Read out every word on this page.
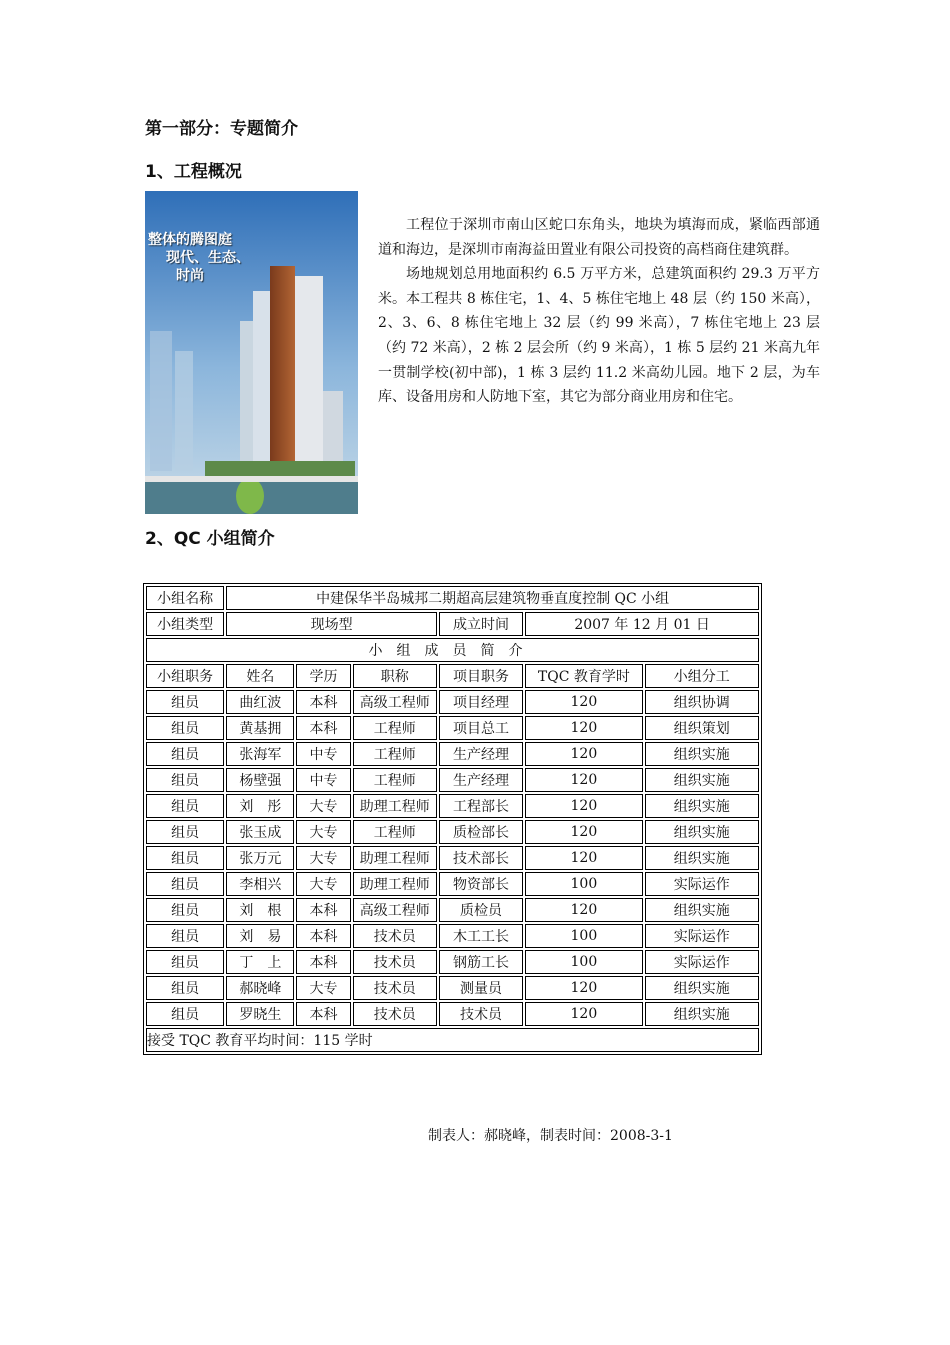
第一部分：专题简介
1、工程概况
整体的腾图庭
现代、生态、
时尚

工程位于深圳市南山区蛇口东角头，地块为填海而成，紧临西部通道和海边，是深圳市南海益田置业有限公司投资的高档商住建筑群。

场地规划总用地面积约 6.5 万平方米，总建筑面积约 29.3 万平方米。本工程共 8 栋住宅，1、4、5 栋住宅地上 48 层（约 150 米高），2、3、6、8 栋住宅地上 32 层（约 99 米高），7 栋住宅地上 23 层（约 72 米高），2 栋 2 层会所（约 9 米高），1 栋 5 层约 21 米高九年一贯制学校(初中部)，1 栋 3 层约 11.2 米高幼儿园。地下 2 层，为车库、设备用房和人防地下室，其它为部分商业用房和住宅。

2、QC 小组简介
小组名称	中建保华半岛城邦二期超高层建筑物垂直度控制 QC 小组					
小组类型	现场型			成立时间	2007 年 12 月 01 日	
小组成员简介						
小组职务	姓名	学历	职称	项目职务	TQC 教育学时	小组分工
组员	曲红波	本科	高级工程师	项目经理	120	组织协调
组员	黄基拥	本科	工程师	项目总工	120	组织策划
组员	张海军	中专	工程师	生产经理	120	组织实施
组员	杨壁强	中专	工程师	生产经理	120	组织实施
组员	刘　彤	大专	助理工程师	工程部长	120	组织实施
组员	张玉成	大专	工程师	质检部长	120	组织实施
组员	张万元	大专	助理工程师	技术部长	120	组织实施
组员	李相兴	大专	助理工程师	物资部长	100	实际运作
组员	刘　根	本科	高级工程师	质检员	120	组织实施
组员	刘　易	本科	技术员	木工工长	100	实际运作
组员	丁　上	本科	技术员	钢筋工长	100	实际运作
组员	郝晓峰	大专	技术员	测量员	120	组织实施
组员	罗晓生	本科	技术员	技术员	120	组织实施
接受 TQC 教育平均时间：115 学时						
制表人：郝晓峰，制表时间：2008-3-1
